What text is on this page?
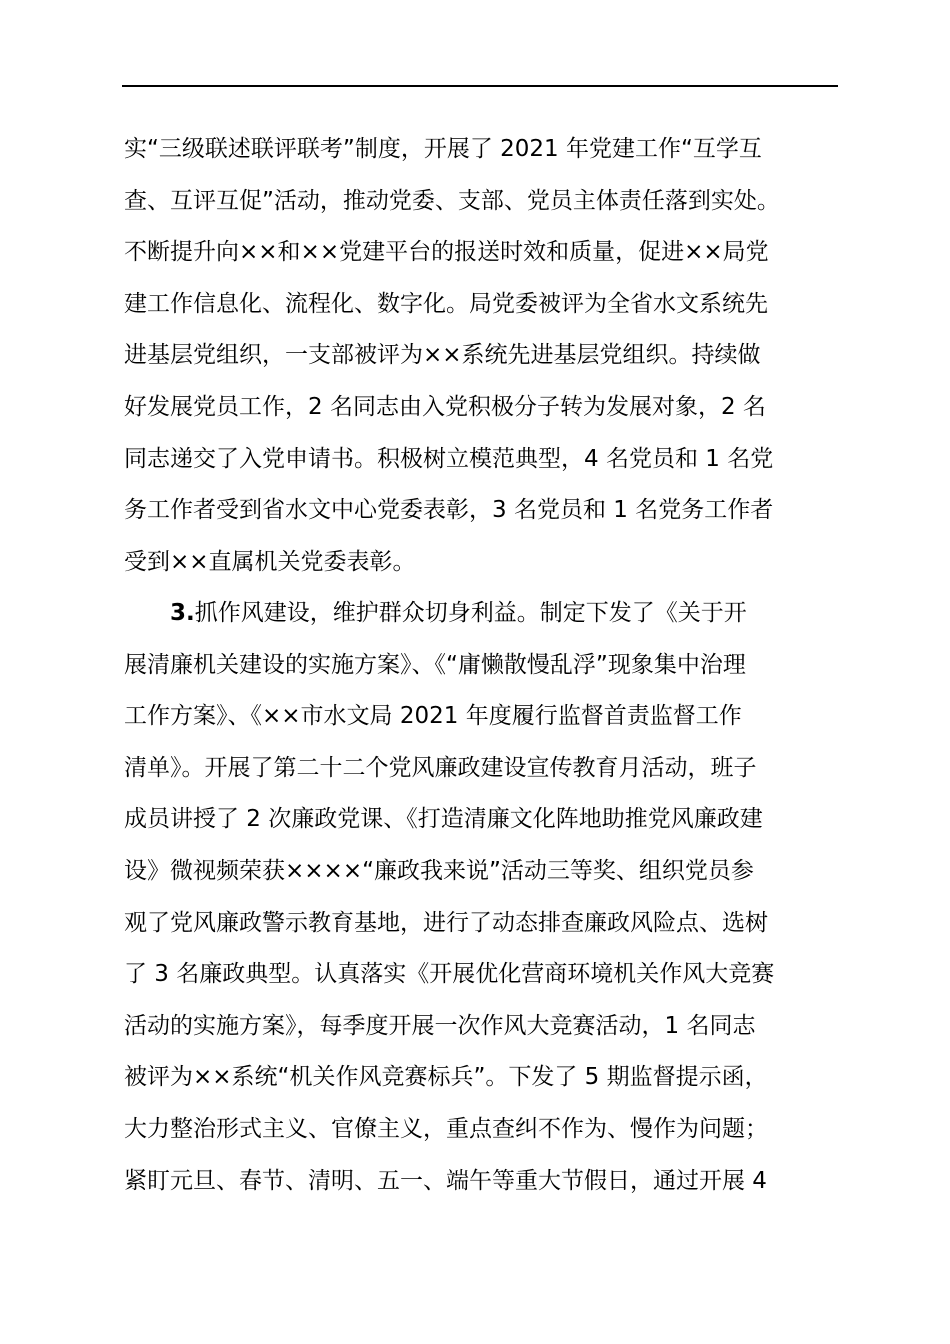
实“三级联述联评联考”制度，开展了 2021 年党建工作“互学互
查、互评互促”活动，推动党委、支部、党员主体责任落到实处。
不断提升向××和××党建平台的报送时效和质量，促进××局党
建工作信息化、流程化、数字化。局党委被评为全省水文系统先
进基层党组织，一支部被评为××系统先进基层党组织。持续做
好发展党员工作，2 名同志由入党积极分子转为发展对象，2 名
同志递交了入党申请书。积极树立模范典型，4 名党员和 1 名党
务工作者受到省水文中心党委表彰，3 名党员和 1 名党务工作者
受到××直属机关党委表彰。
3.抓作风建设，维护群众切身利益。制定下发了《关于开
展清廉机关建设的实施方案》、《“庸懒散慢乱浮”现象集中治理
工作方案》、《××市水文局 2021 年度履行监督首责监督工作
清单》。开展了第二十二个党风廉政建设宣传教育月活动，班子
成员讲授了 2 次廉政党课、《打造清廉文化阵地助推党风廉政建
设》微视频荣获××××“廉政我来说”活动三等奖、组织党员参
观了党风廉政警示教育基地，进行了动态排查廉政风险点、选树
了 3 名廉政典型。认真落实《开展优化营商环境机关作风大竞赛
活动的实施方案》，每季度开展一次作风大竞赛活动，1 名同志
被评为××系统“机关作风竞赛标兵”。下发了 5 期监督提示函，
大力整治形式主义、官僚主义，重点查纠不作为、慢作为问题；
紧盯元旦、春节、清明、五一、端午等重大节假日，通过开展 4
